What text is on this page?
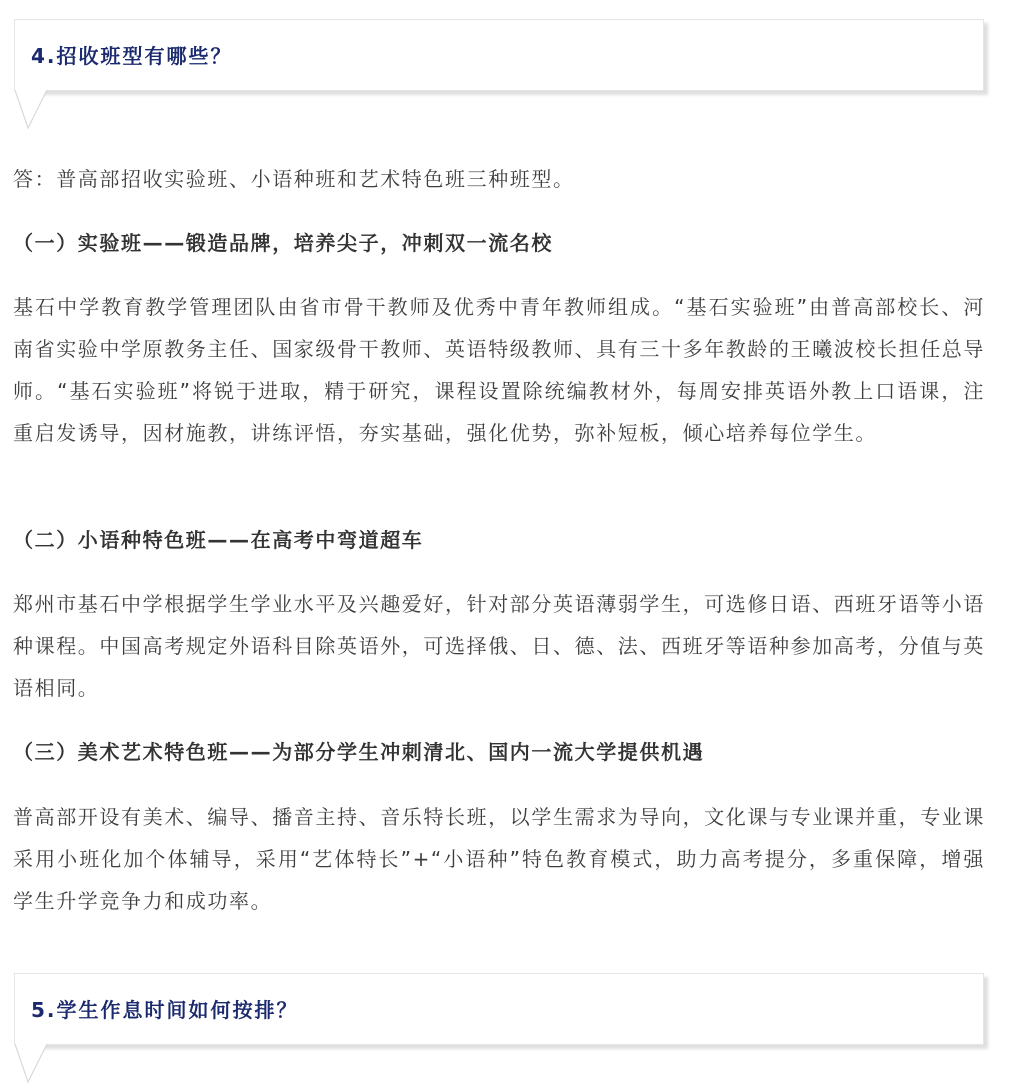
4.招收班型有哪些？

答：普高部招收实验班、小语种班和艺术特色班三种班型。

（一）实验班——锻造品牌，培养尖子，冲刺双一流名校

基石中学教育教学管理团队由省市骨干教师及优秀中青年教师组成。“基石实验班”由普高部校长、河南省实验中学原教务主任、国家级骨干教师、英语特级教师、具有三十多年教龄的王曦波校长担任总导师。“基石实验班”将锐于进取，精于研究，课程设置除统编教材外，每周安排英语外教上口语课，注重启发诱导，因材施教，讲练评悟，夯实基础，强化优势，弥补短板，倾心培养每位学生。

（二）小语种特色班——在高考中弯道超车

郑州市基石中学根据学生学业水平及兴趣爱好，针对部分英语薄弱学生，可选修日语、西班牙语等小语种课程。中国高考规定外语科目除英语外，可选择俄、日、德、法、西班牙等语种参加高考，分值与英语相同。

（三）美术艺术特色班——为部分学生冲刺清北、国内一流大学提供机遇

普高部开设有美术、编导、播音主持、音乐特长班，以学生需求为导向，文化课与专业课并重，专业课采用小班化加个体辅导，采用“艺体特长”+“小语种”特色教育模式，助力高考提分，多重保障，增强学生升学竞争力和成功率。

5.学生作息时间如何按排？
